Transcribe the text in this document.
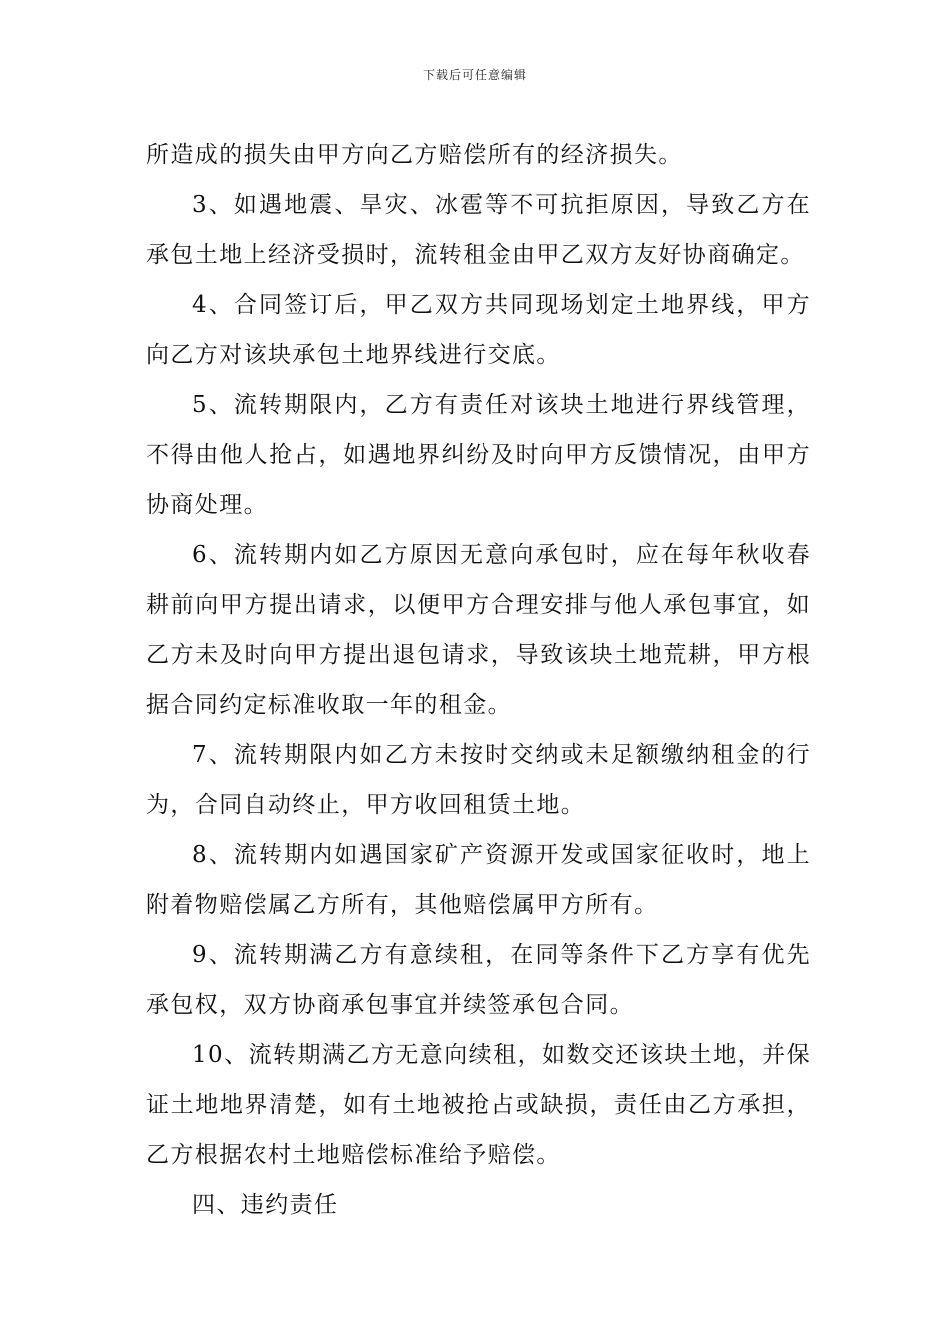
下载后可任意编辑

所造成的损失由甲方向乙方赔偿所有的经济损失。

3、如遇地震、旱灾、冰雹等不可抗拒原因，导致乙方在承包土地上经济受损时，流转租金由甲乙双方友好协商确定。

4、合同签订后，甲乙双方共同现场划定土地界线，甲方向乙方对该块承包土地界线进行交底。

5、流转期限内，乙方有责任对该块土地进行界线管理，不得由他人抢占，如遇地界纠纷及时向甲方反馈情况，由甲方协商处理。

6、流转期内如乙方原因无意向承包时，应在每年秋收春耕前向甲方提出请求，以便甲方合理安排与他人承包事宜，如乙方未及时向甲方提出退包请求，导致该块土地荒耕，甲方根据合同约定标准收取一年的租金。

7、流转期限内如乙方未按时交纳或未足额缴纳租金的行为，合同自动终止，甲方收回租赁土地。

8、流转期内如遇国家矿产资源开发或国家征收时，地上附着物赔偿属乙方所有，其他赔偿属甲方所有。

9、流转期满乙方有意续租，在同等条件下乙方享有优先承包权，双方协商承包事宜并续签承包合同。

10、流转期满乙方无意向续租，如数交还该块土地，并保证土地地界清楚，如有土地被抢占或缺损，责任由乙方承担，乙方根据农村土地赔偿标准给予赔偿。

四、违约责任
